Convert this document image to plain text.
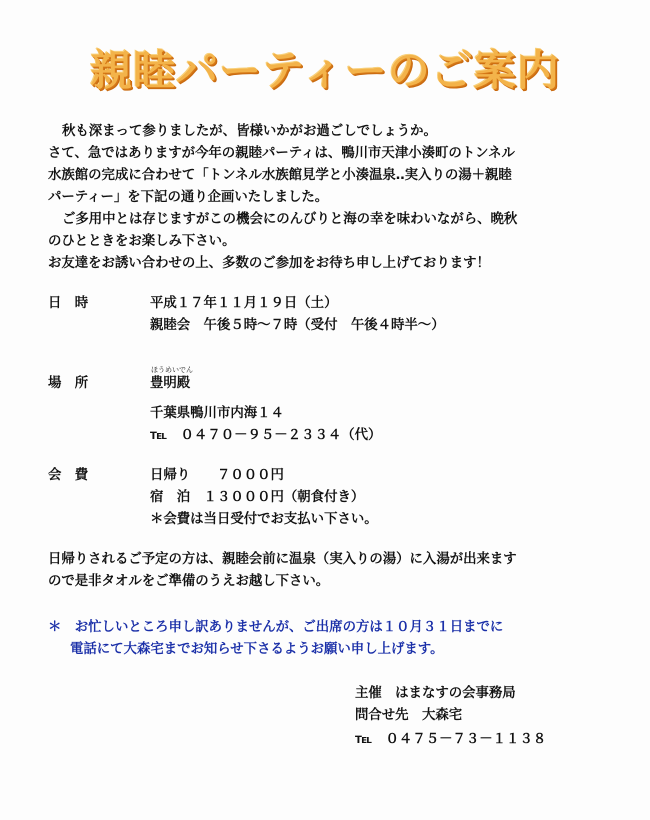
親睦パーティーのご案内
秋も深まって参りましたが、皆様いかがお過ごしでしょうか。
さて、急ではありますが今年の親睦パーティは、鴨川市天津小湊町のトンネル
水族館の完成に合わせて「トンネル水族館見学と小湊温泉‥実入りの湯＋親睦
パーティー」を下記の通り企画いたしました。
ご多用中とは存じますがこの機会にのんびりと海の幸を味わいながら、晩秋
のひとときをお楽しみ下さい。
お友達をお誘い合わせの上、多数のご参加をお待ち申し上げております！
日　時	平成１７年１１月１９日（土）
親睦会　午後５時～７時（受付　午後４時半～）
場　所
ほうめいでん
豊明殿
千葉県鴨川市内海１４
℡　０４７０－９５－２３３４（代）
会　費	日帰り　　７０００円
宿　泊　１３０００円（朝食付き）
＊会費は当日受付でお支払い下さい。
日帰りされるご予定の方は、親睦会前に温泉（実入りの湯）に入湯が出来ます
ので是非タオルをご準備のうえお越し下さい。
＊　お忙しいところ申し訳ありませんが、ご出席の方は１０月３１日までに
電話にて大森宅までお知らせ下さるようお願い申し上げます。
主催　はまなすの会事務局
問合せ先　大森宅
℡　０４７５－７３－１１３８
